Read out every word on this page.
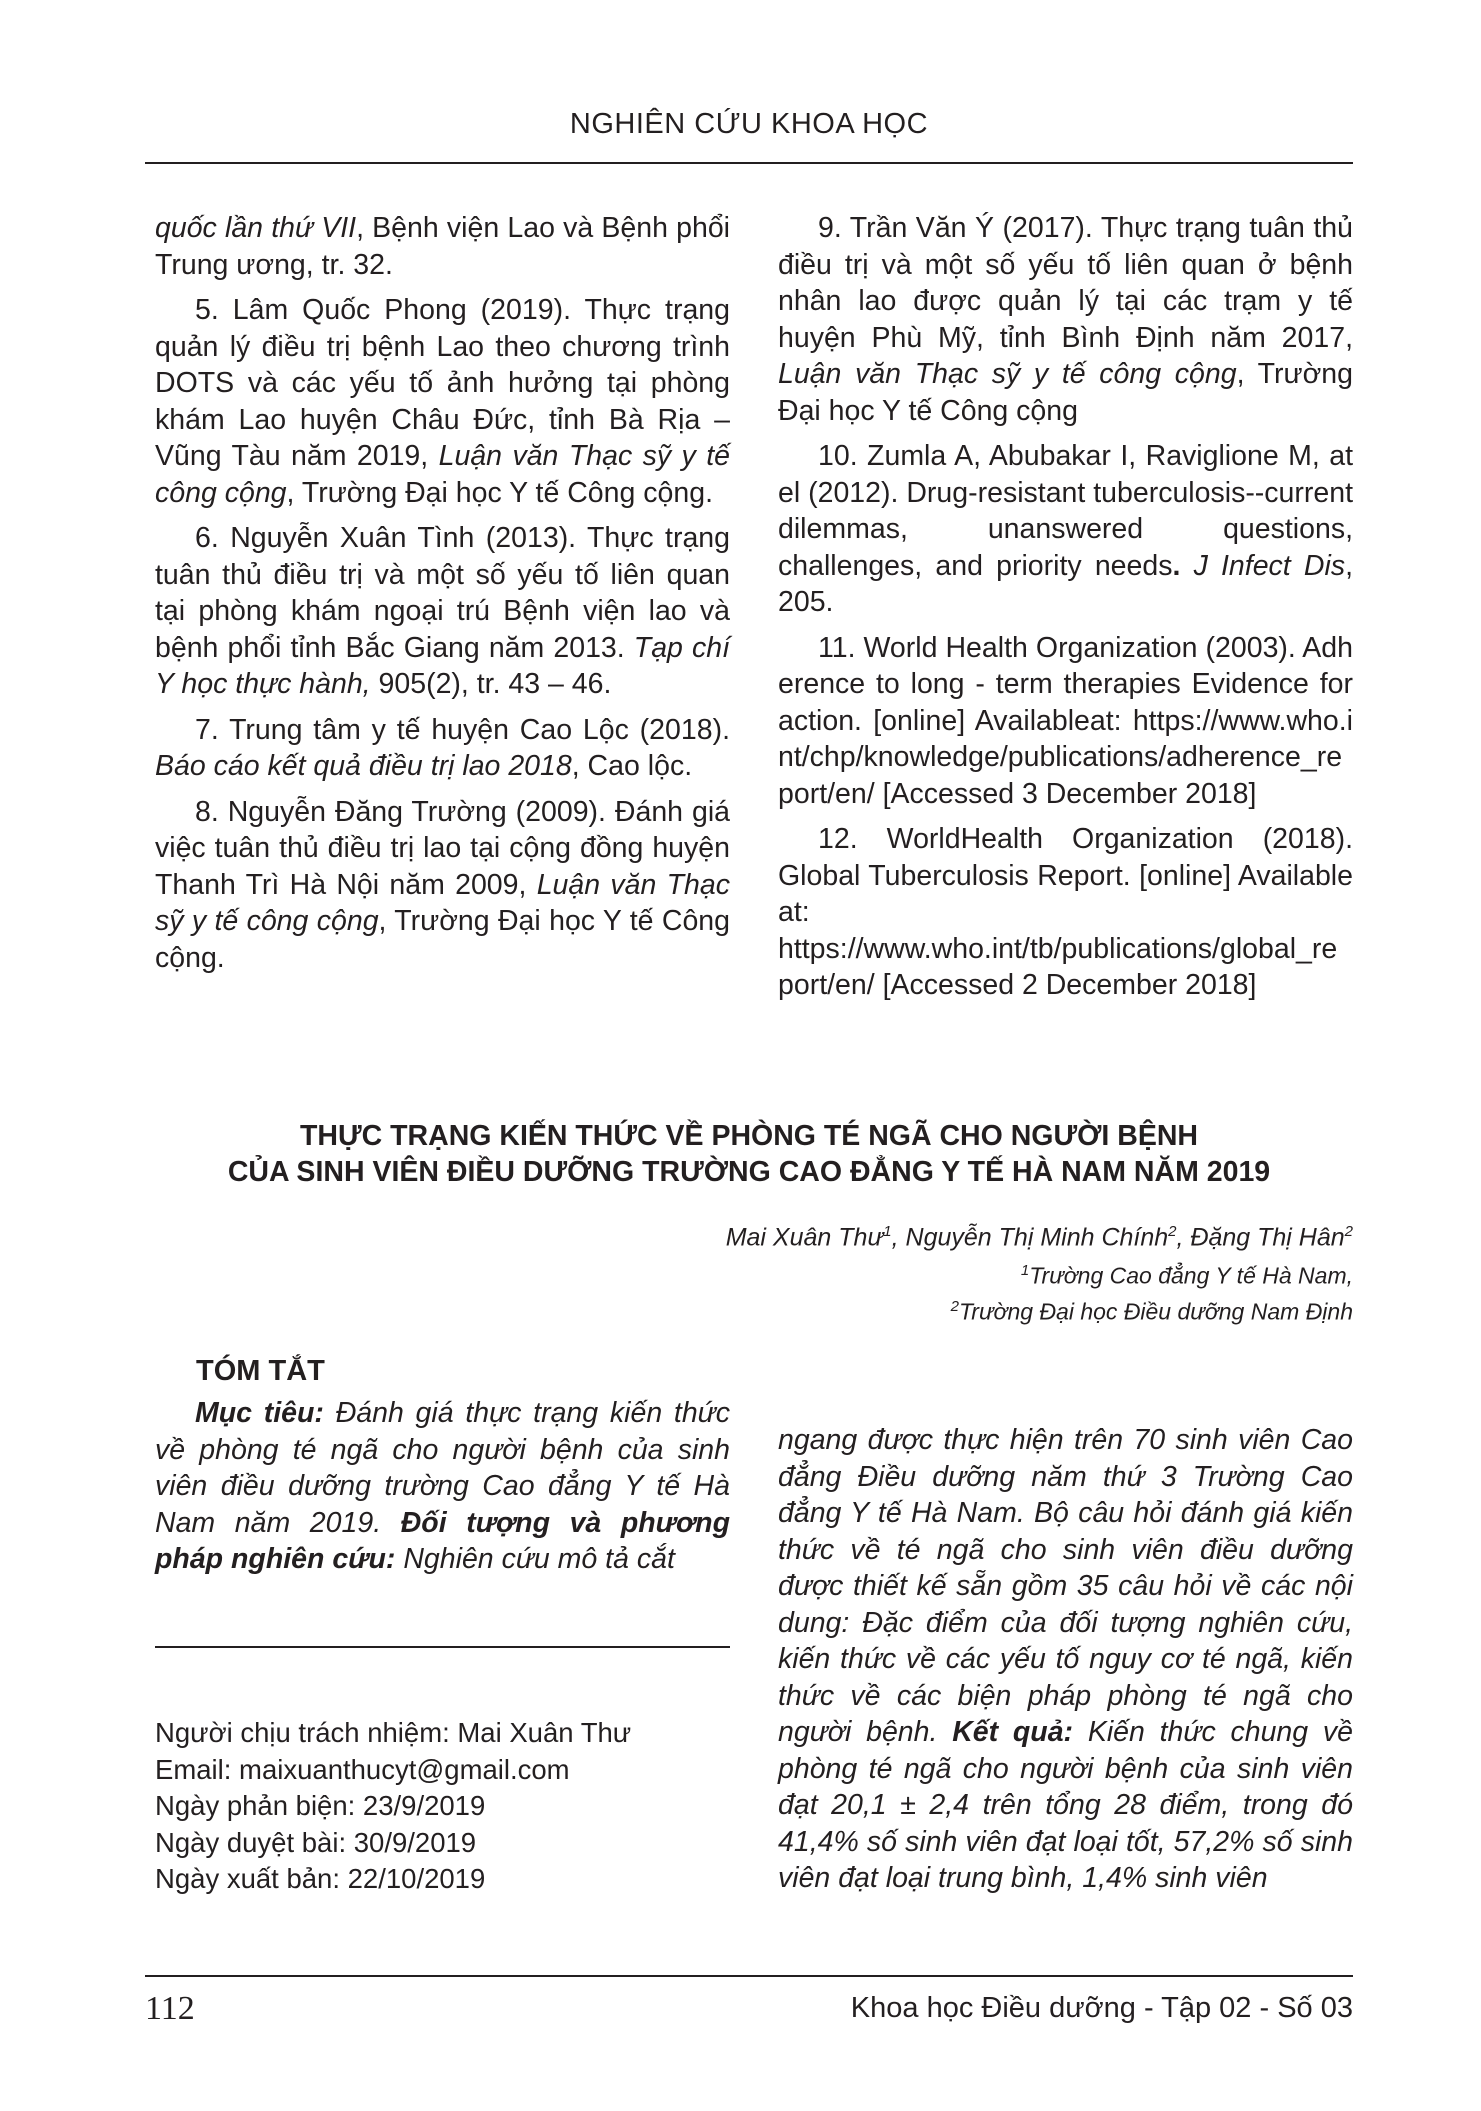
NGHIÊN CỨU KHOA HỌC

quốc lần thứ VII, Bệnh viện Lao và Bệnh phổi Trung ương, tr. 32.

5. Lâm Quốc Phong (2019). Thực trạng quản lý điều trị bệnh Lao theo chương trình DOTS và các yếu tố ảnh hưởng tại phòng khám Lao huyện Châu Đức, tỉnh Bà Rịa – Vũng Tàu năm 2019, Luận văn Thạc sỹ y tế công cộng, Trường Đại học Y tế Công cộng.

6. Nguyễn Xuân Tình (2013). Thực trạng tuân thủ điều trị và một số yếu tố liên quan tại phòng khám ngoại trú Bệnh viện lao và bệnh phổi tỉnh Bắc Giang năm 2013. Tạp chí Y học thực hành, 905(2), tr. 43 – 46.

7. Trung tâm y tế huyện Cao Lộc (2018). Báo cáo kết quả điều trị lao 2018, Cao lộc.

8. Nguyễn Đăng Trường (2009). Đánh giá việc tuân thủ điều trị lao tại cộng đồng huyện Thanh Trì Hà Nội năm 2009, Luận văn Thạc sỹ y tế công cộng, Trường Đại học Y tế Công cộng.

9. Trần Văn Ý (2017). Thực trạng tuân thủ điều trị và một số yếu tố liên quan ở bệnh nhân lao được quản lý tại các trạm y tế huyện Phù Mỹ, tỉnh Bình Định năm 2017, Luận văn Thạc sỹ y tế công cộng, Trường Đại học Y tế Công cộng

10. Zumla A, Abubakar I, Raviglione M, at el (2012). Drug-resistant tuberculosis--current dilemmas, unanswered questions, challenges, and priority needs. J Infect Dis, 205.

11. World Health Organization (2003). Adherence to long - term therapies Evidence for action. [online] Availableat: https://www.who.int/chp/knowledge/publications/adherence_report/en/ [Accessed 3 December 2018]

12. WorldHealth Organization (2018). Global Tuberculosis Report. [online] Available at: https://www.who.int/tb/publications/global_report/en/ [Accessed 2 December 2018]

THỰC TRẠNG KIẾN THỨC VỀ PHÒNG TÉ NGÃ CHO NGƯỜI BỆNH
CỦA SINH VIÊN ĐIỀU DƯỠNG TRƯỜNG CAO ĐẲNG Y TẾ HÀ NAM NĂM 2019
Mai Xuân Thư$^1$, Nguyễn Thị Minh Chính$^2$, Đặng Thị Hân$^2$
$^1$Trường Cao đẳng Y tế Hà Nam,
$^2$Trường Đại học Điều dưỡng Nam Định
TÓM TẮT
Mục tiêu: Đánh giá thực trạng kiến thức về phòng té ngã cho người bệnh của sinh viên điều dưỡng trường Cao đẳng Y tế Hà Nam năm 2019. Đối tượng và phương pháp nghiên cứu: Nghiên cứu mô tả cắt
Người chịu trách nhiệm: Mai Xuân Thư
Email: maixuanthucyt@gmail.com
Ngày phản biện: 23/9/2019
Ngày duyệt bài: 30/9/2019
Ngày xuất bản: 22/10/2019
ngang được thực hiện trên 70 sinh viên Cao đẳng Điều dưỡng năm thứ 3 Trường Cao đẳng Y tế Hà Nam. Bộ câu hỏi đánh giá kiến thức về té ngã cho sinh viên điều dưỡng được thiết kế sẵn gồm 35 câu hỏi về các nội dung: Đặc điểm của đối tượng nghiên cứu, kiến thức về các yếu tố nguy cơ té ngã, kiến thức về các biện pháp phòng té ngã cho người bệnh. Kết quả: Kiến thức chung về phòng té ngã cho người bệnh của sinh viên đạt 20,1 ± 2,4 trên tổng 28 điểm, trong đó 41,4% số sinh viên đạt loại tốt, 57,2% số sinh viên đạt loại trung bình, 1,4% sinh viên
112	Khoa học Điều dưỡng - Tập 02 - Số 03
